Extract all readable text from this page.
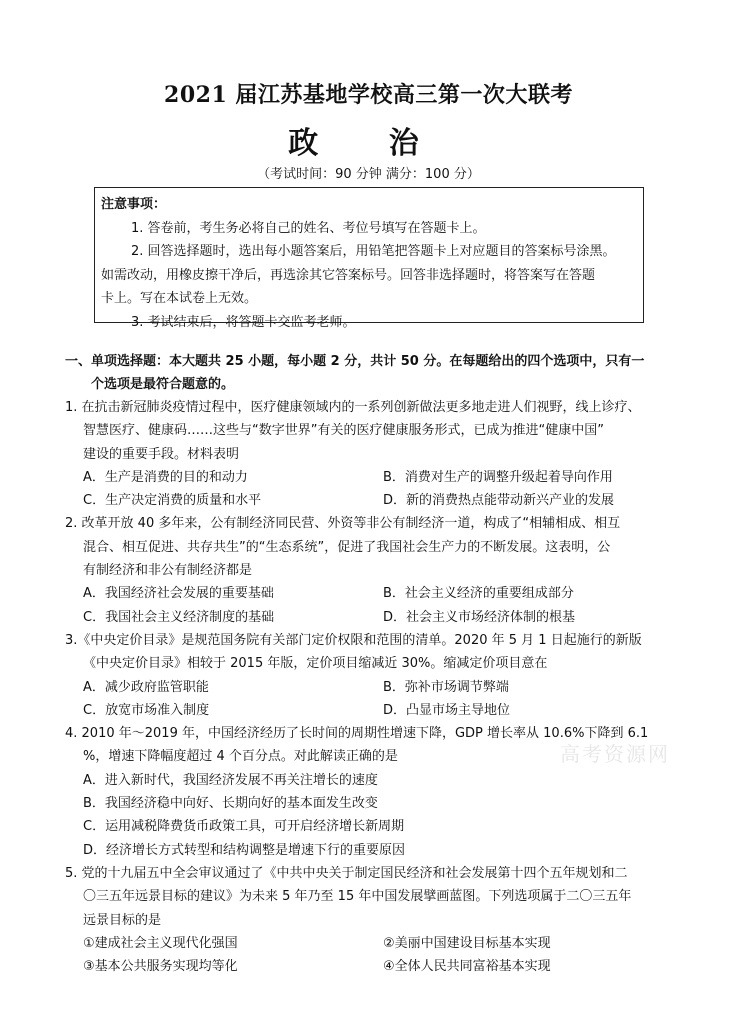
2021 届江苏基地学校高三第一次大联考
政 治
（考试时间：90 分钟 满分：100 分）
注意事项：
1. 答卷前，考生务必将自己的姓名、考位号填写在答题卡上。
2. 回答选择题时，选出每小题答案后，用铅笔把答题卡上对应题目的答案标号涂黑。
如需改动，用橡皮擦干净后，再选涂其它答案标号。回答非选择题时，将答案写在答题
卡上。写在本试卷上无效。
3. 考试结束后，将答题卡交监考老师。
一、单项选择题：本大题共 25 小题，每小题 2 分，共计 50 分。在每题给出的四个选项中，只有一
个选项是最符合题意的。
1. 在抗击新冠肺炎疫情过程中，医疗健康领域内的一系列创新做法更多地走进人们视野，线上诊疗、
智慧医疗、健康码……这些与“数字世界”有关的医疗健康服务形式，已成为推进“健康中国”
建设的重要手段。材料表明
A．生产是消费的目的和动力	B．消费对生产的调整升级起着导向作用
C．生产决定消费的质量和水平	D．新的消费热点能带动新兴产业的发展
2. 改革开放 40 多年来，公有制经济同民营、外资等非公有制经济一道，构成了“相辅相成、相互
混合、相互促进、共存共生”的“生态系统”，促进了我国社会生产力的不断发展。这表明，公
有制经济和非公有制经济都是
A．我国经济社会发展的重要基础	B．社会主义经济的重要组成部分
C．我国社会主义经济制度的基础	D．社会主义市场经济体制的根基
3.《中央定价目录》是规范国务院有关部门定价权限和范围的清单。2020 年 5 月 1 日起施行的新版
《中央定价目录》相较于 2015 年版，定价项目缩减近 30%。缩减定价项目意在
A．减少政府监管职能	B．弥补市场调节弊端
C．放宽市场准入制度	D．凸显市场主导地位
4. 2010 年～2019 年，中国经济经历了长时间的周期性增速下降，GDP 增长率从 10.6%下降到 6.1
%，增速下降幅度超过 4 个百分点。对此解读正确的是
A．进入新时代，我国经济发展不再关注增长的速度
B．我国经济稳中向好、长期向好的基本面发生改变
C．运用减税降费货币政策工具，可开启经济增长新周期
D．经济增长方式转型和结构调整是增速下行的重要原因
5. 党的十九届五中全会审议通过了《中共中央关于制定国民经济和社会发展第十四个五年规划和二
〇三五年远景目标的建议》为未来 5 年乃至 15 年中国发展擘画蓝图。下列选项属于二〇三五年
远景目标的是
①建成社会主义现代化强国	②美丽中国建设目标基本实现
③基本公共服务实现均等化	④全体人民共同富裕基本实现
高考资源网
